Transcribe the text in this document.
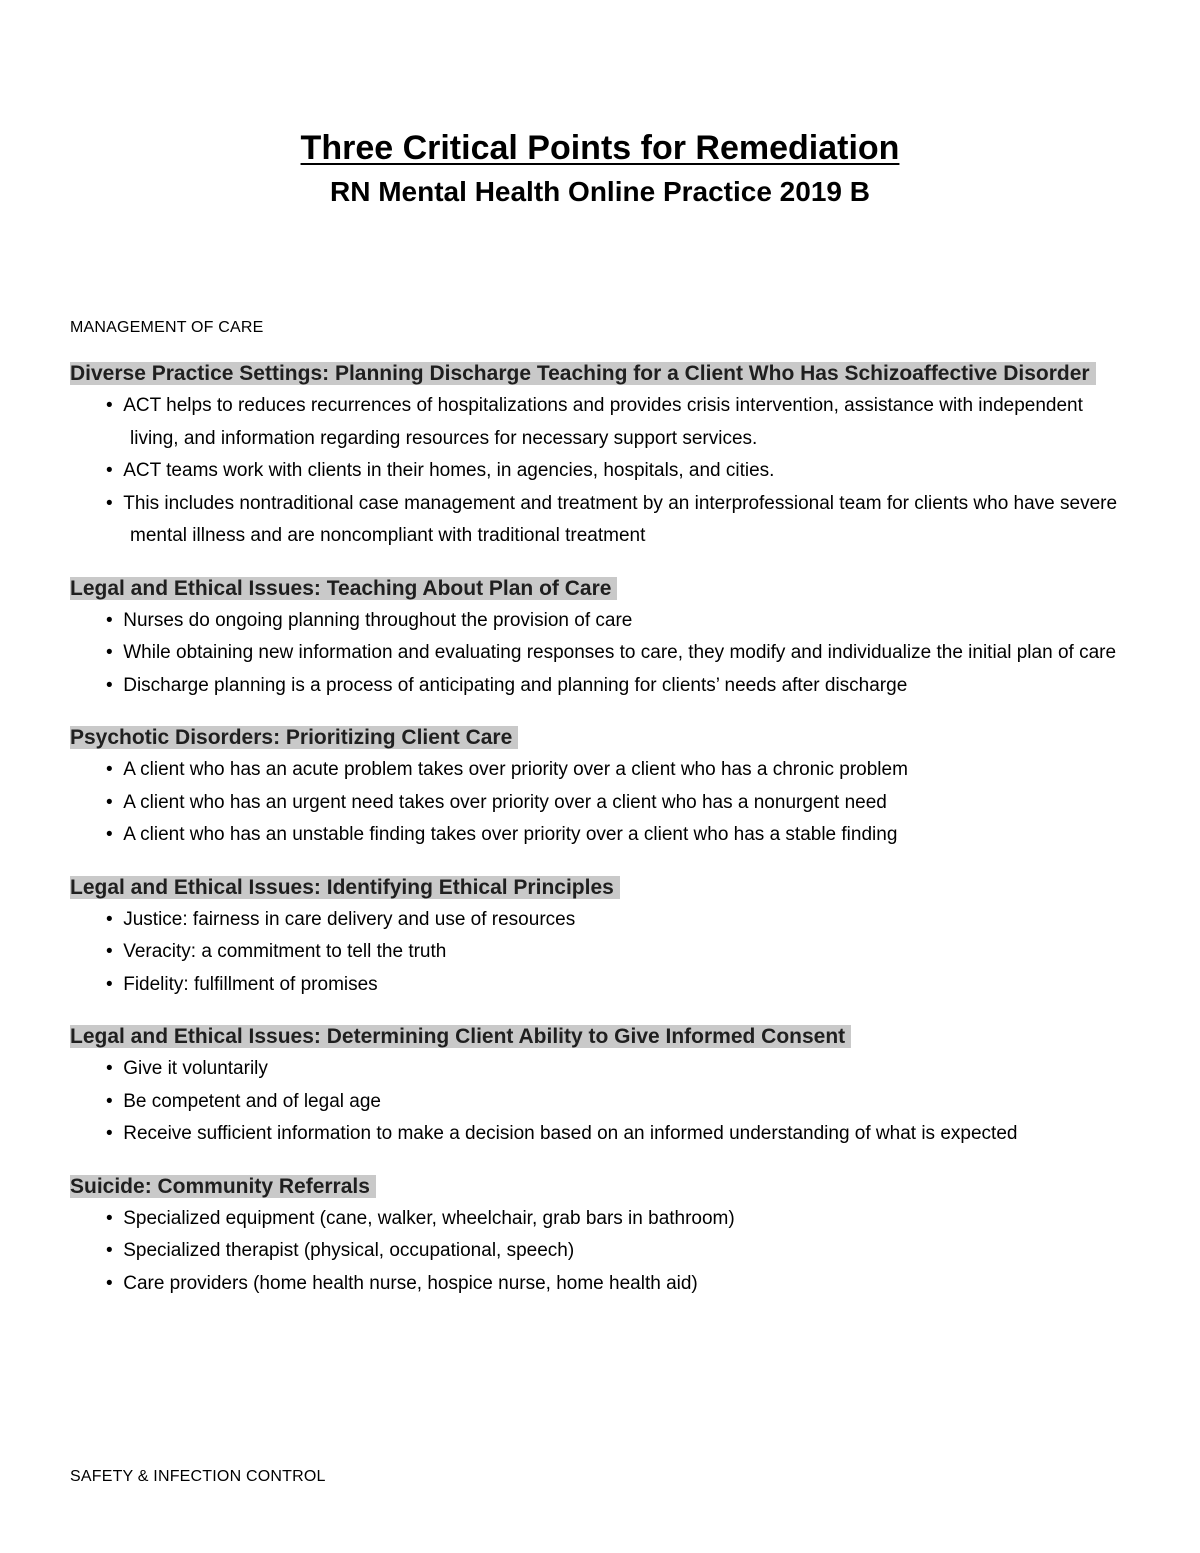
Three Critical Points for Remediation
RN Mental Health Online Practice 2019 B
MANAGEMENT OF CARE
Diverse Practice Settings: Planning Discharge Teaching for a Client Who Has Schizoaffective Disorder
•  ACT helps to reduces recurrences of hospitalizations and provides crisis intervention, assistance with independent living, and information regarding resources for necessary support services.
•  ACT teams work with clients in their homes, in agencies, hospitals, and cities.
•  This includes nontraditional case management and treatment by an interprofessional team for clients who have severe mental illness and are noncompliant with traditional treatment
Legal and Ethical Issues: Teaching About Plan of Care
•  Nurses do ongoing planning throughout the provision of care
•  While obtaining new information and evaluating responses to care, they modify and individualize the initial plan of care
•  Discharge planning is a process of anticipating and planning for clients’ needs after discharge
Psychotic Disorders: Prioritizing Client Care
•  A client who has an acute problem takes over priority over a client who has a chronic problem
•  A client who has an urgent need takes over priority over a client who has a nonurgent need
•  A client who has an unstable finding takes over priority over a client who has a stable finding
Legal and Ethical Issues: Identifying Ethical Principles
•  Justice: fairness in care delivery and use of resources
•  Veracity: a commitment to tell the truth
•  Fidelity: fulfillment of promises
Legal and Ethical Issues: Determining Client Ability to Give Informed Consent
•  Give it voluntarily
•  Be competent and of legal age
•  Receive sufficient information to make a decision based on an informed understanding of what is expected
Suicide: Community Referrals
•  Specialized equipment (cane, walker, wheelchair, grab bars in bathroom)
•  Specialized therapist (physical, occupational, speech)
•  Care providers (home health nurse, hospice nurse, home health aid)
SAFETY & INFECTION CONTROL
